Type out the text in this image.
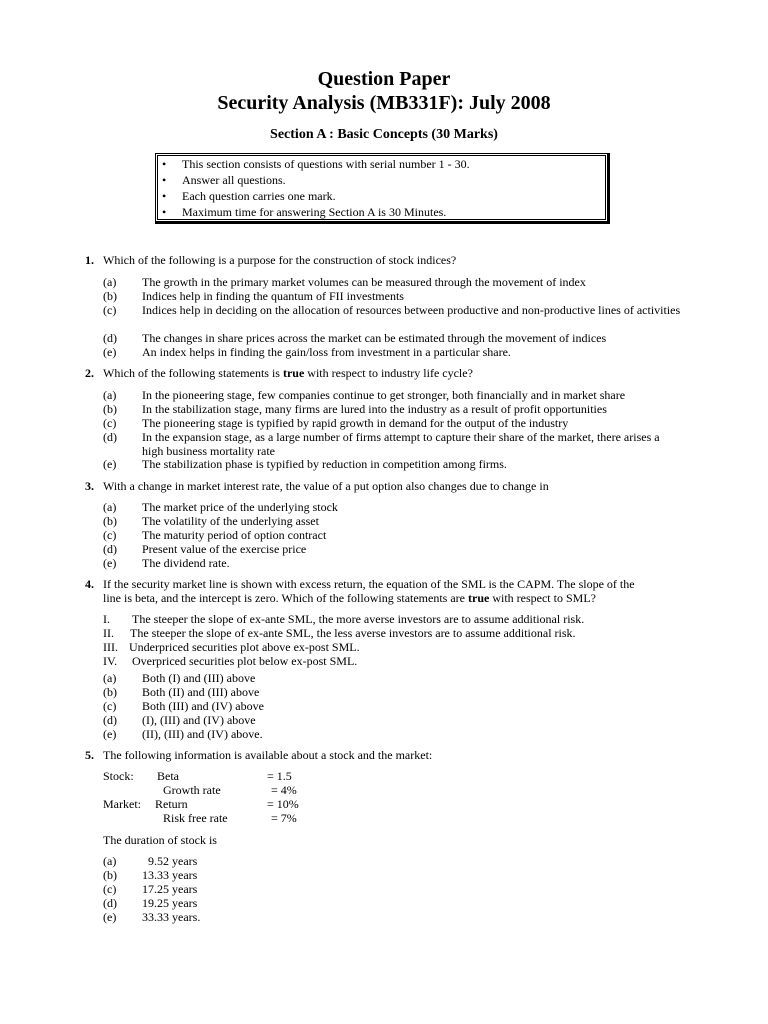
Question Paper
Security Analysis (MB331F): July 2008
Section A : Basic Concepts (30 Marks)
• This section consists of questions with serial number 1 - 30.
• Answer all questions.
• Each question carries one mark.
• Maximum time for answering Section A is 30 Minutes.
1. Which of the following is a purpose for the construction of stock indices?
(a) The growth in the primary market volumes can be measured through the movement of index
(b) Indices help in finding the quantum of FII investments
(c) Indices help in deciding on the allocation of resources between productive and non-productive lines of activities
(d) The changes in share prices across the market can be estimated through the movement of indices
(e) An index helps in finding the gain/loss from investment in a particular share.
2. Which of the following statements is true with respect to industry life cycle?
(a) In the pioneering stage, few companies continue to get stronger, both financially and in market share
(b) In the stabilization stage, many firms are lured into the industry as a result of profit opportunities
(c) The pioneering stage is typified by rapid growth in demand for the output of the industry
(d) In the expansion stage, as a large number of firms attempt to capture their share of the market, there arises a high business mortality rate
(e) The stabilization phase is typified by reduction in competition among firms.
3. With a change in market interest rate, the value of a put option also changes due to change in
(a) The market price of the underlying stock
(b) The volatility of the underlying asset
(c) The maturity period of option contract
(d) Present value of the exercise price
(e) The dividend rate.
4. If the security market line is shown with excess return, the equation of the SML is the CAPM. The slope of the
line is beta, and the intercept is zero. Which of the following statements are true with respect to SML?
I. The steeper the slope of ex-ante SML, the more averse investors are to assume additional risk.
II. The steeper the slope of ex-ante SML, the less averse investors are to assume additional risk.
III. Underpriced securities plot above ex-post SML.
IV. Overpriced securities plot below ex-post SML.
(a) Both (I) and (III) above
(b) Both (II) and (III) above
(c) Both (III) and (IV) above
(d) (I), (III) and (IV) above
(e) (II), (III) and (IV) above.
5. The following information is available about a stock and the market:
Stock: Beta	= 1.5
Growth rate	= 4%
Market: Return	= 10%
Risk free rate	= 7%
The duration of stock is
(a)	9.52 years
(b) 13.33 years
(c) 17.25 years
(d) 19.25 years
(e) 33.33 years.
